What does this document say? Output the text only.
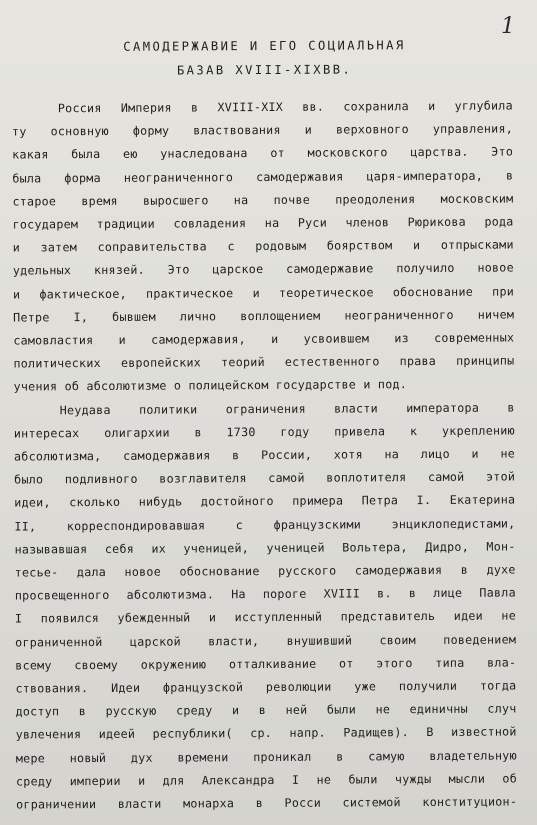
1
САМОДЕРЖАВИЕ И ЕГО СОЦИАЛЬНАЯ
БАЗАВ XVIII-XIXВВ.
Россия Империя в XVIII-XIX вв. сохранила и углубила
ту основную форму властвования и верховного управления,
какая была ею унаследована от московского царства. Это
была форма неограниченного самодержавия царя-императора, в
старое время выросшего на почве преодоления московским
государем традиции совладения на Руси членов Рюрикова рода
и затем соправительства с родовым боярством и отпрысками
удельных князей. Это царское самодержавие получило новое
и фактическое, практическое и теоретическое обоснование при
Петре I, бывшем лично воплощением неограниченного ничем
самовластия и самодержавия, и усвоившем из современных
политических европейских теорий естественного права принципы
учения об абсолютизме о полицейском государстве и под.
Неудава политики ограничения власти императора в
интересах олигархии в 1730 году привела к укреплению
абсолютизма, самодержавия в России, хотя на лицо и не
было подливного возглавителя самой воплотителя самой этой
идеи, сколько нибудь достойного примера Петра I. Екатерина
II, корреспондировавшая с французскими энциклопедистами,
называвшая себя их ученицей, ученицей Вольтера, Дидро, Мон-
тесье- дала новое обоснование русского самодержавия в духе
просвещенного абсолютизма. На пороге XVIII в. в лице Павла
I появился убежденный и исступленный представитель идеи не
ограниченной царской власти, внушивший своим поведением
всему своему окружению отталкивание от этого типа вла-
ствования. Идеи французской революции уже получили тогда
доступ в русскую среду и в ней были не единичны случ
увлечения идеей республики( ср. напр. Радищев). В известной
мере новый дух времени проникал в самую владетельную
среду империи и для Александра I не были чужды мысли об
ограничении власти монарха в Росси системой конституцион-
